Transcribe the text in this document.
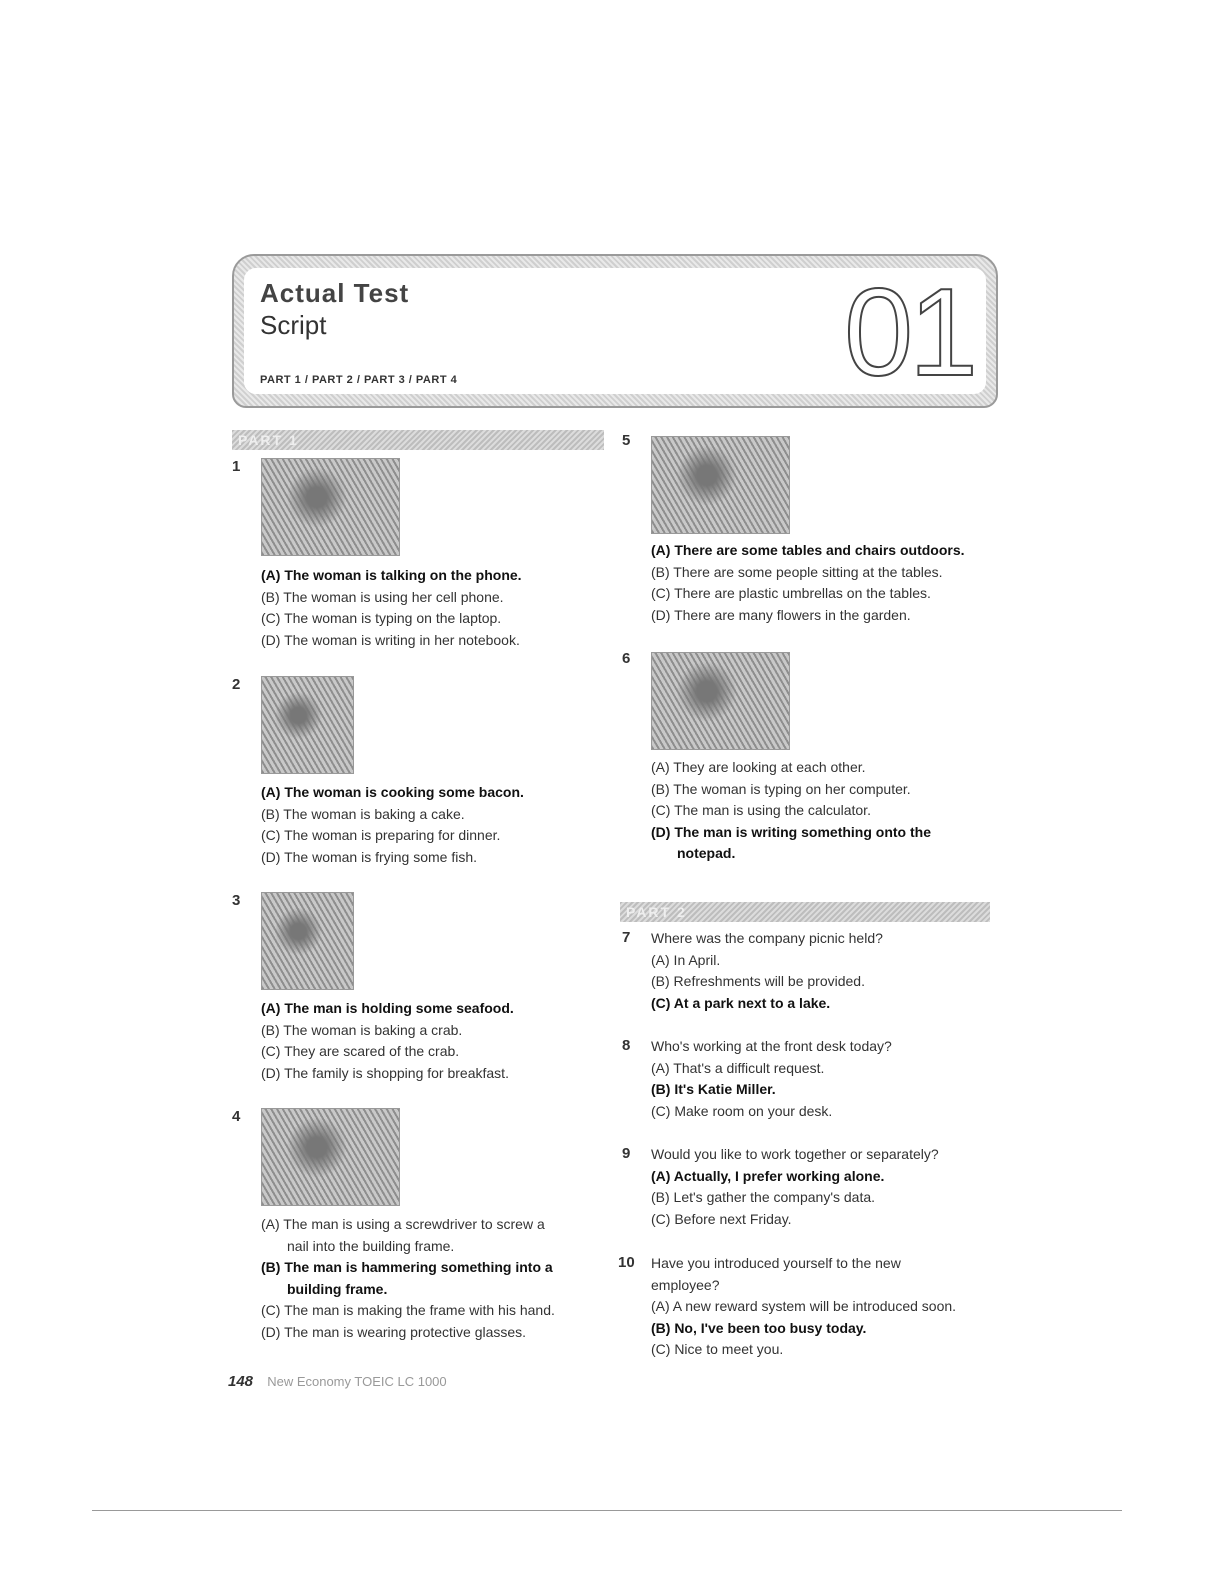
Actual Test
Script
PART 1 / PART 2 / PART 3 / PART 4	01
PART 1
1
(A) The woman is talking on the phone.
(B) The woman is using her cell phone.
(C) The woman is typing on the laptop.
(D) The woman is writing in her notebook.
2
(A) The woman is cooking some bacon.
(B) The woman is baking a cake.
(C) The woman is preparing for dinner.
(D) The woman is frying some fish.
3
(A) The man is holding some seafood.
(B) The woman is baking a crab.
(C) They are scared of the crab.
(D) The family is shopping for breakfast.
4
(A) The man is using a screwdriver to screw a
nail into the building frame.
(B) The man is hammering something into a
building frame.
(C) The man is making the frame with his hand.
(D) The man is wearing protective glasses.
5
(A) There are some tables and chairs outdoors.
(B) There are some people sitting at the tables.
(C) There are plastic umbrellas on the tables.
(D) There are many flowers in the garden.
6
(A) They are looking at each other.
(B) The woman is typing on her computer.
(C) The man is using the calculator.
(D) The man is writing something onto the
notepad.
PART 2
7 Where was the company picnic held?
(A) In April.
(B) Refreshments will be provided.
(C) At a park next to a lake.
8 Who's working at the front desk today?
(A) That's a difficult request.
(B) It's Katie Miller.
(C) Make room on your desk.
9 Would you like to work together or separately?
(A) Actually, I prefer working alone.
(B) Let's gather the company's data.
(C) Before next Friday.
10 Have you introduced yourself to the new
employee?
(A) A new reward system will be introduced soon.
(B) No, I've been too busy today.
(C) Nice to meet you.
148 New Economy TOEIC LC 1000
